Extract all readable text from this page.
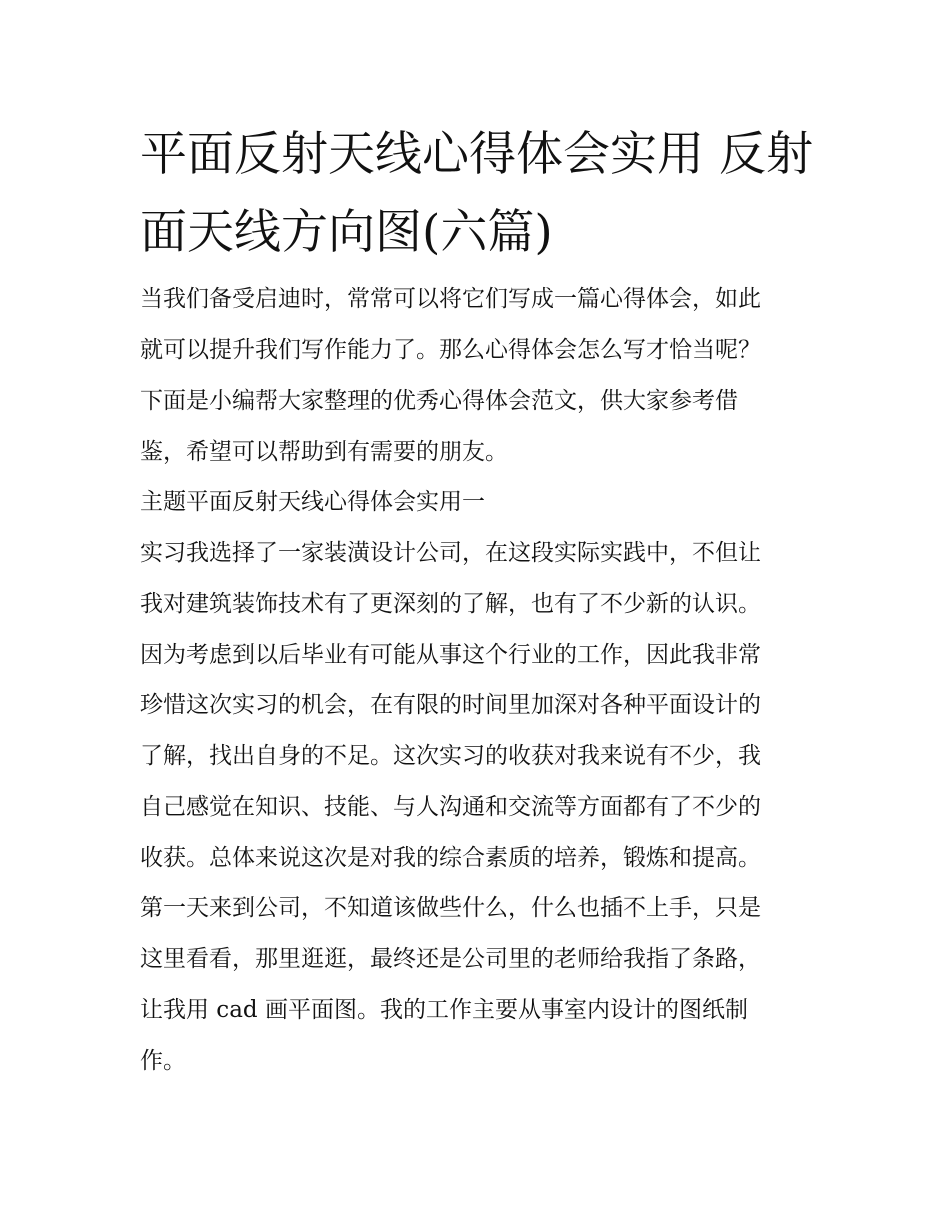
平面反射天线心得体会实用 反射面天线方向图(六篇)

当我们备受启迪时，常常可以将它们写成一篇心得体会，如此

就可以提升我们写作能力了。那么心得体会怎么写才恰当呢？

下面是小编帮大家整理的优秀心得体会范文，供大家参考借

鉴，希望可以帮助到有需要的朋友。

主题平面反射天线心得体会实用一

实习我选择了一家装潢设计公司，在这段实际实践中，不但让

我对建筑装饰技术有了更深刻的了解，也有了不少新的认识。

因为考虑到以后毕业有可能从事这个行业的工作，因此我非常

珍惜这次实习的机会，在有限的时间里加深对各种平面设计的

了解，找出自身的不足。这次实习的收获对我来说有不少，我

自己感觉在知识、技能、与人沟通和交流等方面都有了不少的

收获。总体来说这次是对我的综合素质的培养，锻炼和提高。

第一天来到公司，不知道该做些什么，什么也插不上手，只是

这里看看，那里逛逛，最终还是公司里的老师给我指了条路，

让我用 cad 画平面图。我的工作主要从事室内设计的图纸制

作。
